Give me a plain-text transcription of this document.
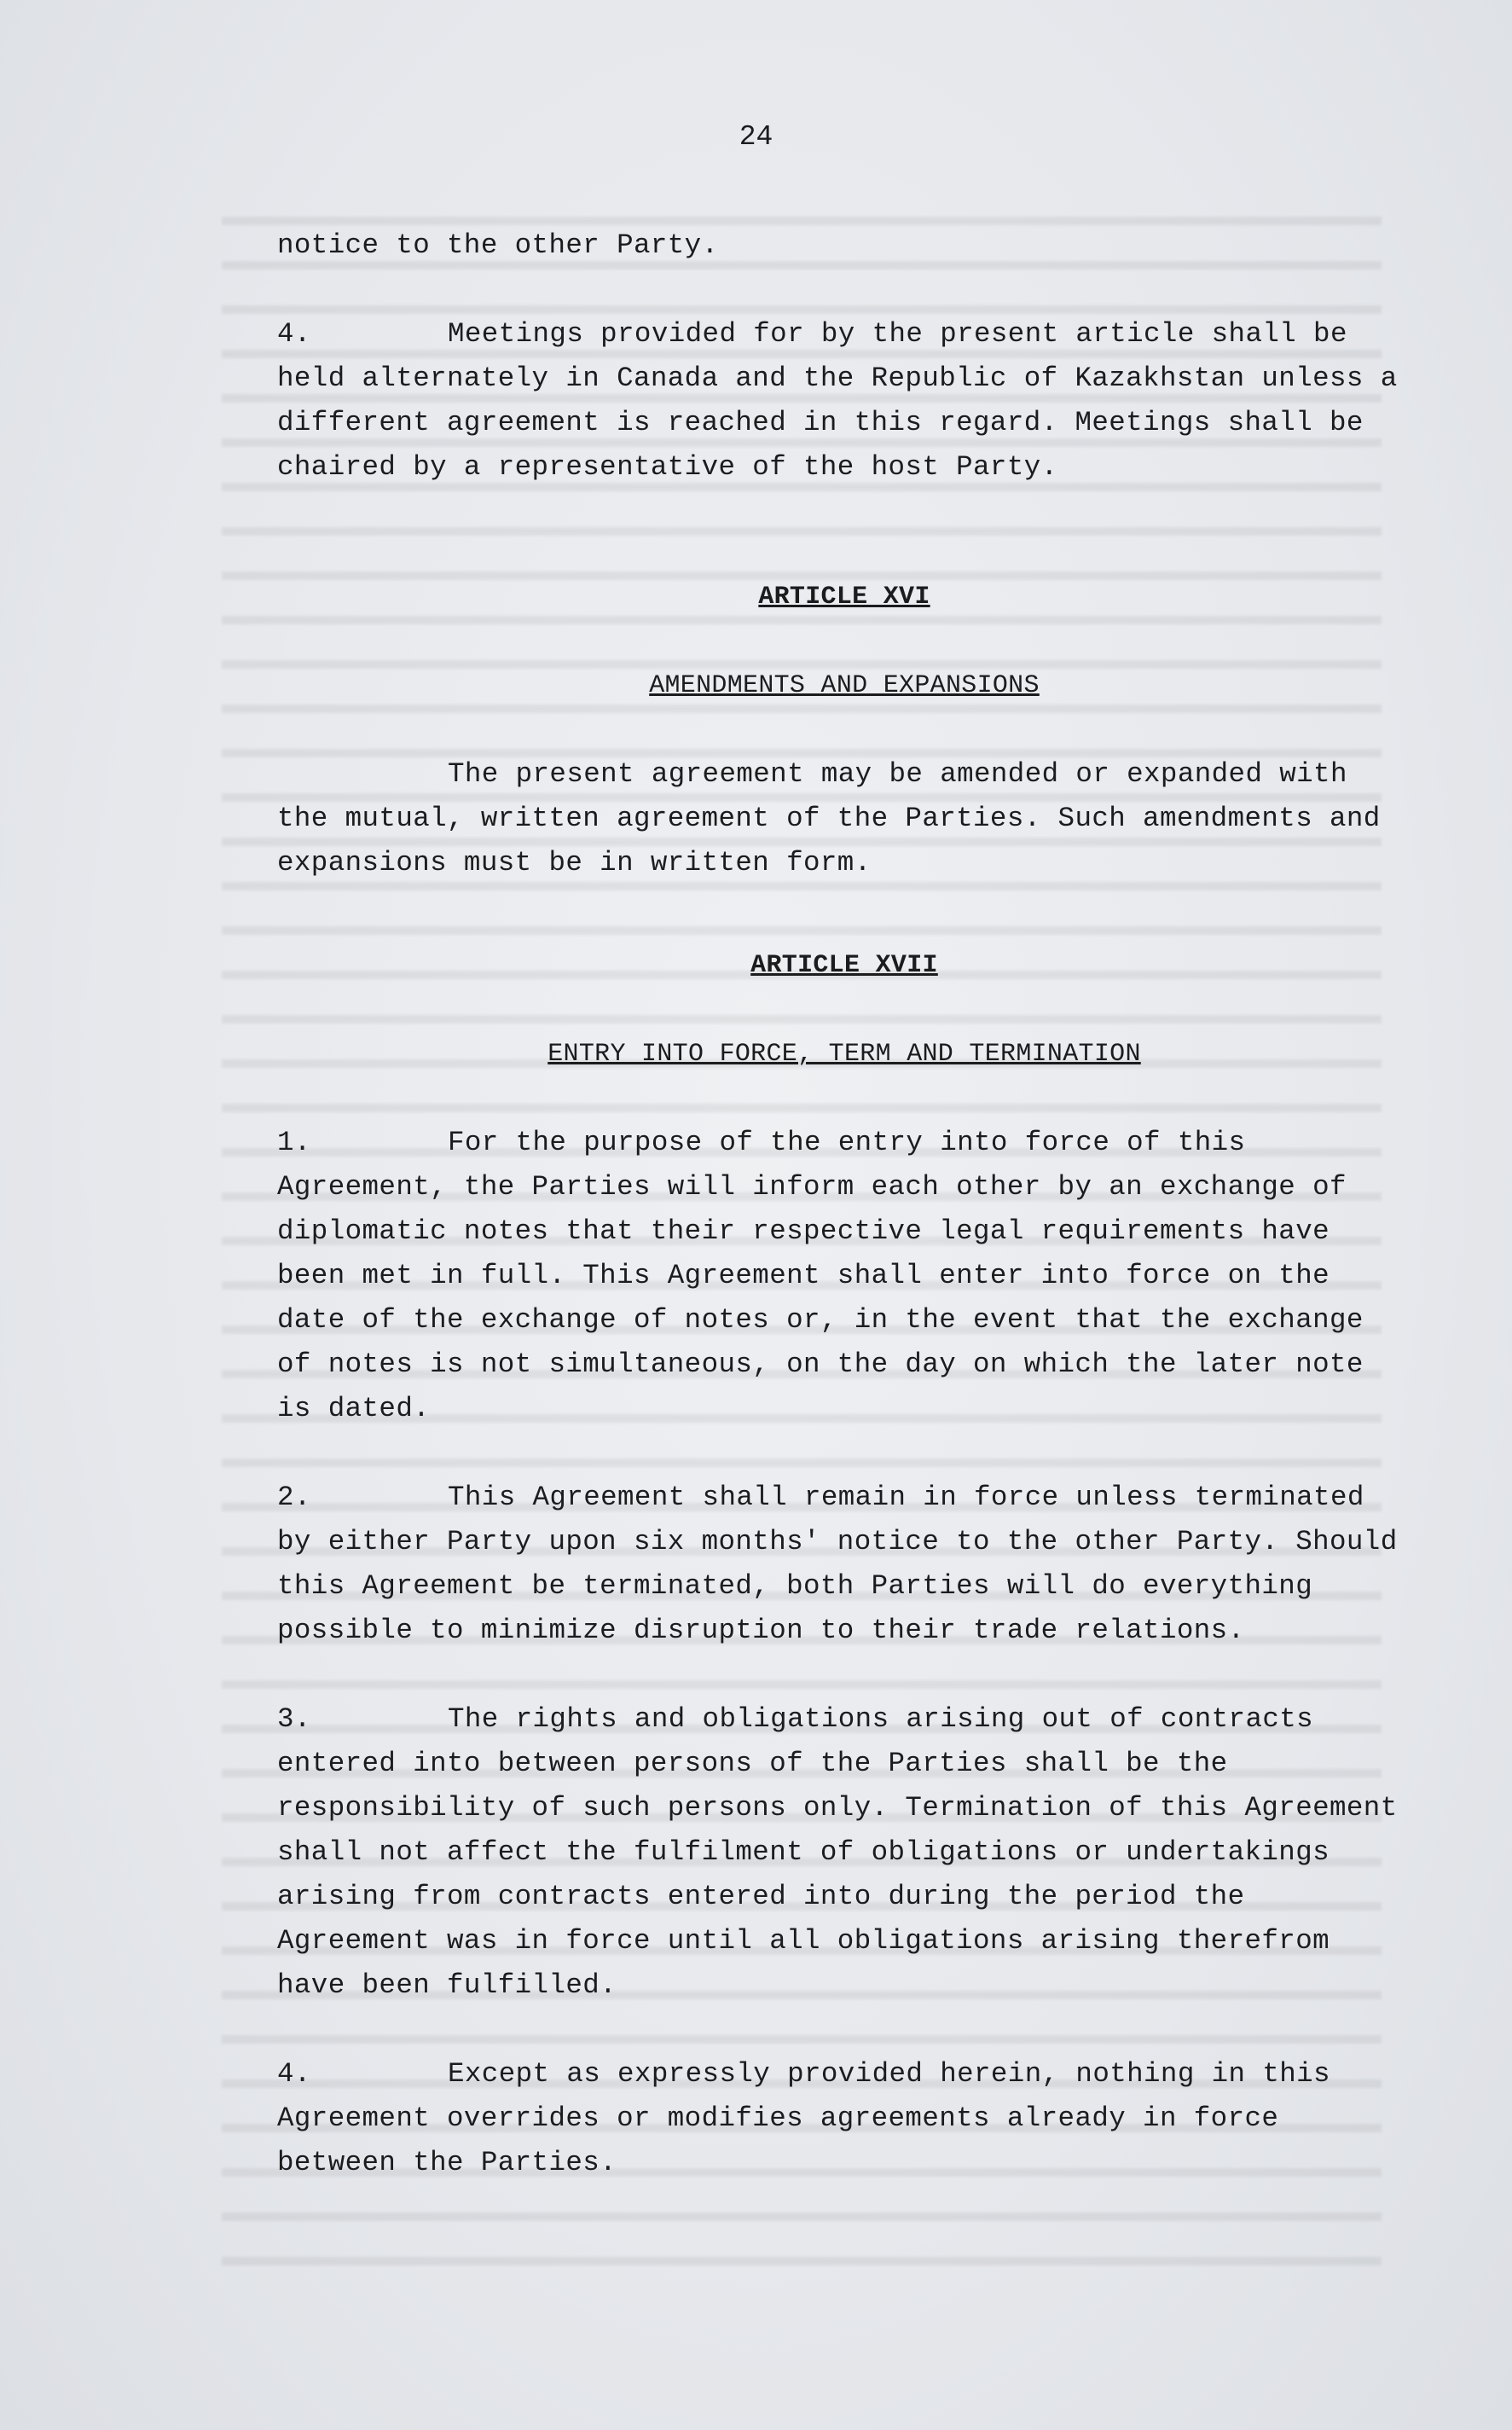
24

notice to the other Party.

4.	Meetings provided for by the present article shall be held alternately in Canada and the Republic of Kazakhstan unless a different agreement is reached in this regard. Meetings shall be chaired by a representative of the host Party.

ARTICLE XVI
AMENDMENTS AND EXPANSIONS

The present agreement may be amended or expanded with the mutual, written agreement of the Parties. Such amendments and expansions must be in written form.

ARTICLE XVII
ENTRY INTO FORCE, TERM AND TERMINATION

1.	For the purpose of the entry into force of this Agreement, the Parties will inform each other by an exchange of diplomatic notes that their respective legal requirements have been met in full. This Agreement shall enter into force on the date of the exchange of notes or, in the event that the exchange of notes is not simultaneous, on the day on which the later note is dated.

2.	This Agreement shall remain in force unless terminated by either Party upon six months' notice to the other Party. Should this Agreement be terminated, both Parties will do everything possible to minimize disruption to their trade relations.

3.	The rights and obligations arising out of contracts entered into between persons of the Parties shall be the responsibility of such persons only. Termination of this Agreement shall not affect the fulfilment of obligations or undertakings arising from contracts entered into during the period the Agreement was in force until all obligations arising therefrom have been fulfilled.

4.	Except as expressly provided herein, nothing in this Agreement overrides or modifies agreements already in force between the Parties.
